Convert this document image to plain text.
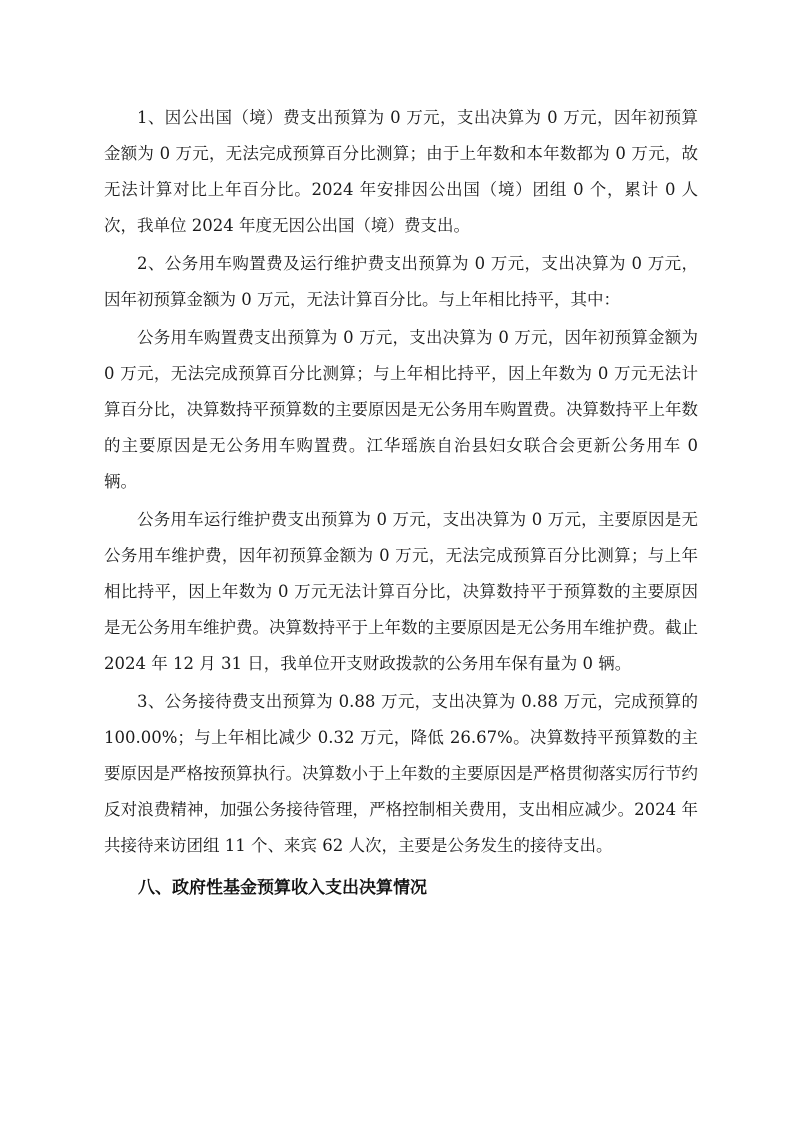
1、因公出国（境）费支出预算为 0 万元，支出决算为 0 万元，因年初预算金额为 0 万元，无法完成预算百分比测算；由于上年数和本年数都为 0 万元，故无法计算对比上年百分比。2024 年安排因公出国（境）团组 0 个，累计 0 人次，我单位 2024 年度无因公出国（境）费支出。

2、公务用车购置费及运行维护费支出预算为 0 万元，支出决算为 0 万元，因年初预算金额为 0 万元，无法计算百分比。与上年相比持平，其中：

公务用车购置费支出预算为 0 万元，支出决算为 0 万元，因年初预算金额为 0 万元，无法完成预算百分比测算；与上年相比持平，因上年数为 0 万元无法计算百分比，决算数持平预算数的主要原因是无公务用车购置费。决算数持平上年数的主要原因是无公务用车购置费。江华瑶族自治县妇女联合会更新公务用车 0 辆。

公务用车运行维护费支出预算为 0 万元，支出决算为 0 万元，主要原因是无公务用车维护费，因年初预算金额为 0 万元，无法完成预算百分比测算；与上年相比持平，因上年数为 0 万元无法计算百分比，决算数持平于预算数的主要原因是无公务用车维护费。决算数持平于上年数的主要原因是无公务用车维护费。截止 2024 年 12 月 31 日，我单位开支财政拨款的公务用车保有量为 0 辆。

3、公务接待费支出预算为 0.88 万元，支出决算为 0.88 万元，完成预算的 100.00%；与上年相比减少 0.32 万元，降低 26.67%。决算数持平预算数的主要原因是严格按预算执行。决算数小于上年数的主要原因是严格贯彻落实厉行节约反对浪费精神，加强公务接待管理，严格控制相关费用，支出相应减少。2024 年共接待来访团组 11 个、来宾 62 人次，主要是公务发生的接待支出。

八、政府性基金预算收入支出决算情况
